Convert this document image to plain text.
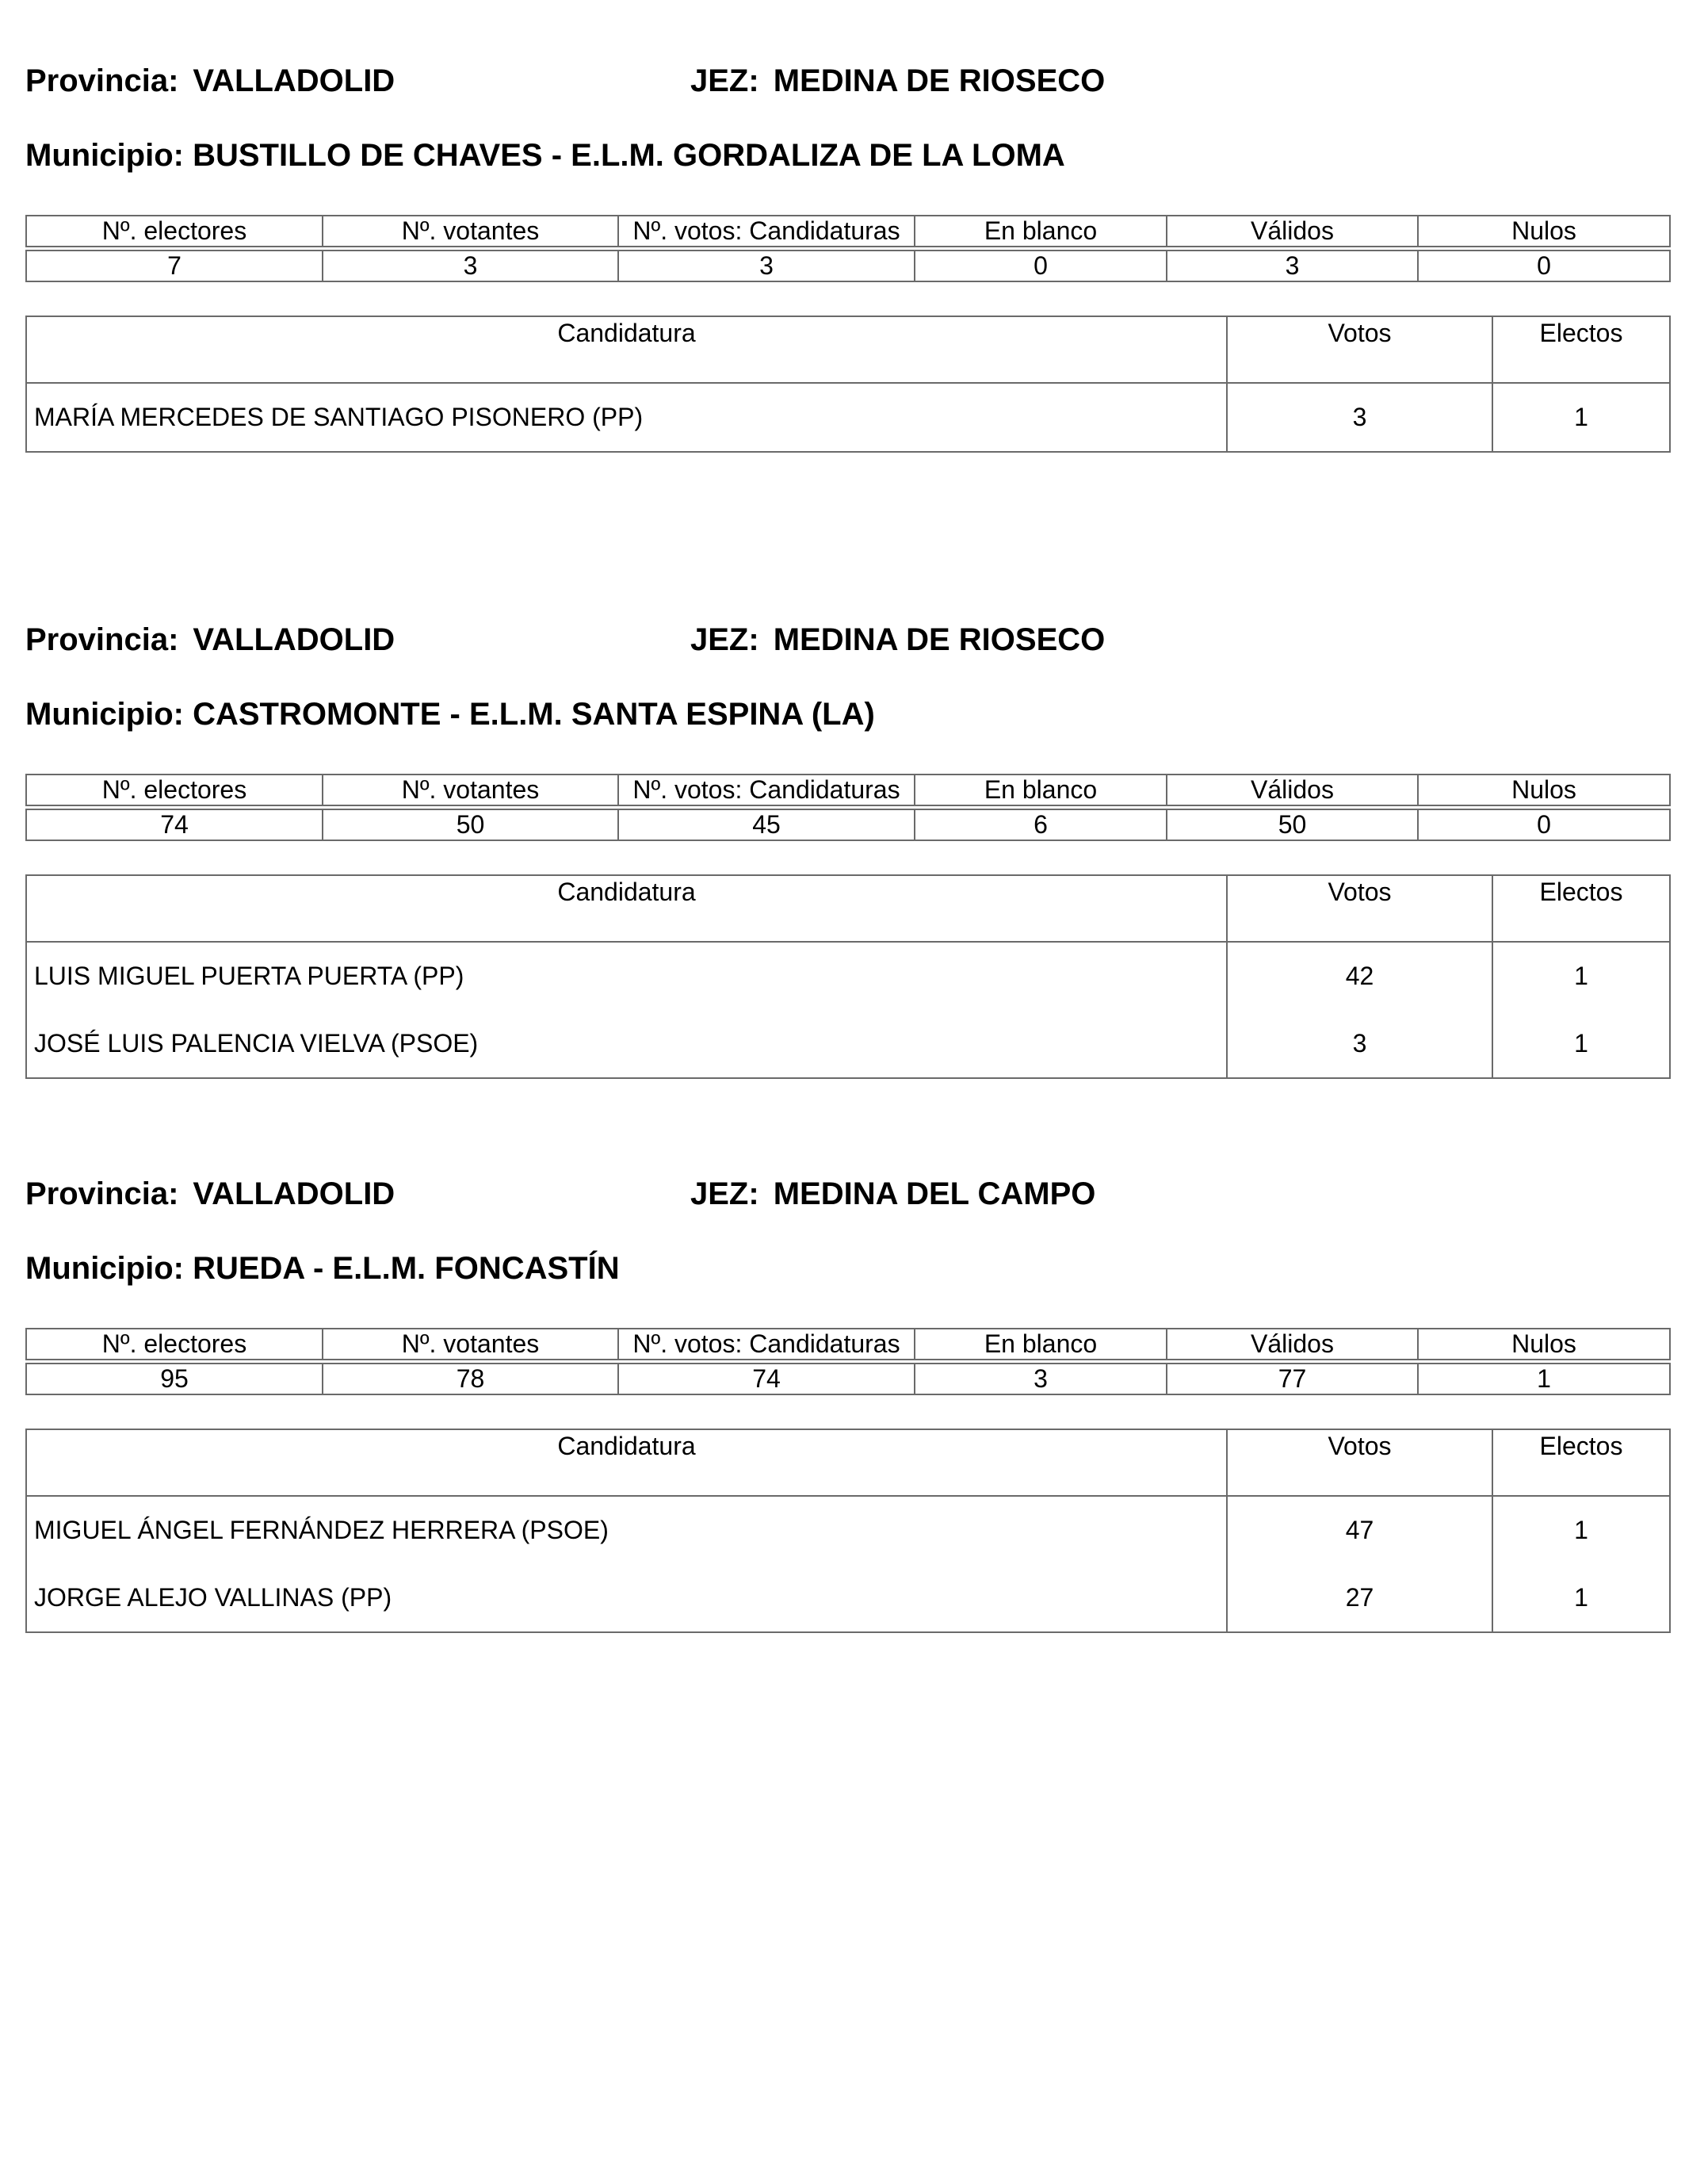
Provincia: VALLADOLID	JEZ: MEDINA DE RIOSECO
Municipio: BUSTILLO DE CHAVES - E.L.M. GORDALIZA DE LA LOMA
Nº. electores	Nº. votantes	Nº. votos: Candidaturas	En blanco	Válidos	Nulos

7	3	3	0	3	0
Candidatura	Votos	Electos
MARÍA MERCEDES DE SANTIAGO PISONERO (PP)	3	1
Provincia: VALLADOLID	JEZ: MEDINA DE RIOSECO
Municipio: CASTROMONTE - E.L.M. SANTA ESPINA (LA)
Nº. electores	Nº. votantes	Nº. votos: Candidaturas	En blanco	Válidos	Nulos

74	50	45	6	50	0
Candidatura	Votos	Electos
LUIS MIGUEL PUERTA PUERTA (PP)	42	1
JOSÉ LUIS PALENCIA VIELVA (PSOE)	3	1
Provincia: VALLADOLID	JEZ: MEDINA DEL CAMPO
Municipio: RUEDA - E.L.M. FONCASTÍN
Nº. electores	Nº. votantes	Nº. votos: Candidaturas	En blanco	Válidos	Nulos

95	78	74	3	77	1
Candidatura	Votos	Electos
MIGUEL ÁNGEL FERNÁNDEZ HERRERA (PSOE)	47	1
JORGE ALEJO VALLINAS (PP)	27	1
